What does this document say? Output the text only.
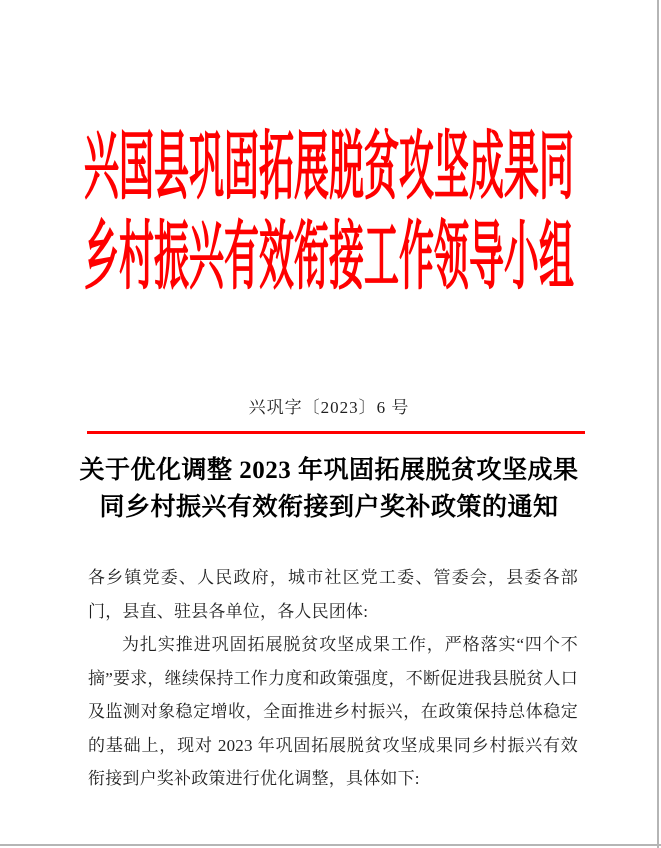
兴国县巩固拓展脱贫攻坚成果同
乡村振兴有效衔接工作领导小组
兴巩字〔2023〕6 号
关于优化调整 2023 年巩固拓展脱贫攻坚成果
同乡村振兴有效衔接到户奖补政策的通知

各乡镇党委、人民政府，城市社区党工委、管委会，县委各部门，县直、驻县各单位，各人民团体:

为扎实推进巩固拓展脱贫攻坚成果工作，严格落实“四个不摘”要求，继续保持工作力度和政策强度，不断促进我县脱贫人口及监测对象稳定增收，全面推进乡村振兴，在政策保持总体稳定的基础上，现对 2023 年巩固拓展脱贫攻坚成果同乡村振兴有效衔接到户奖补政策进行优化调整，具体如下:
